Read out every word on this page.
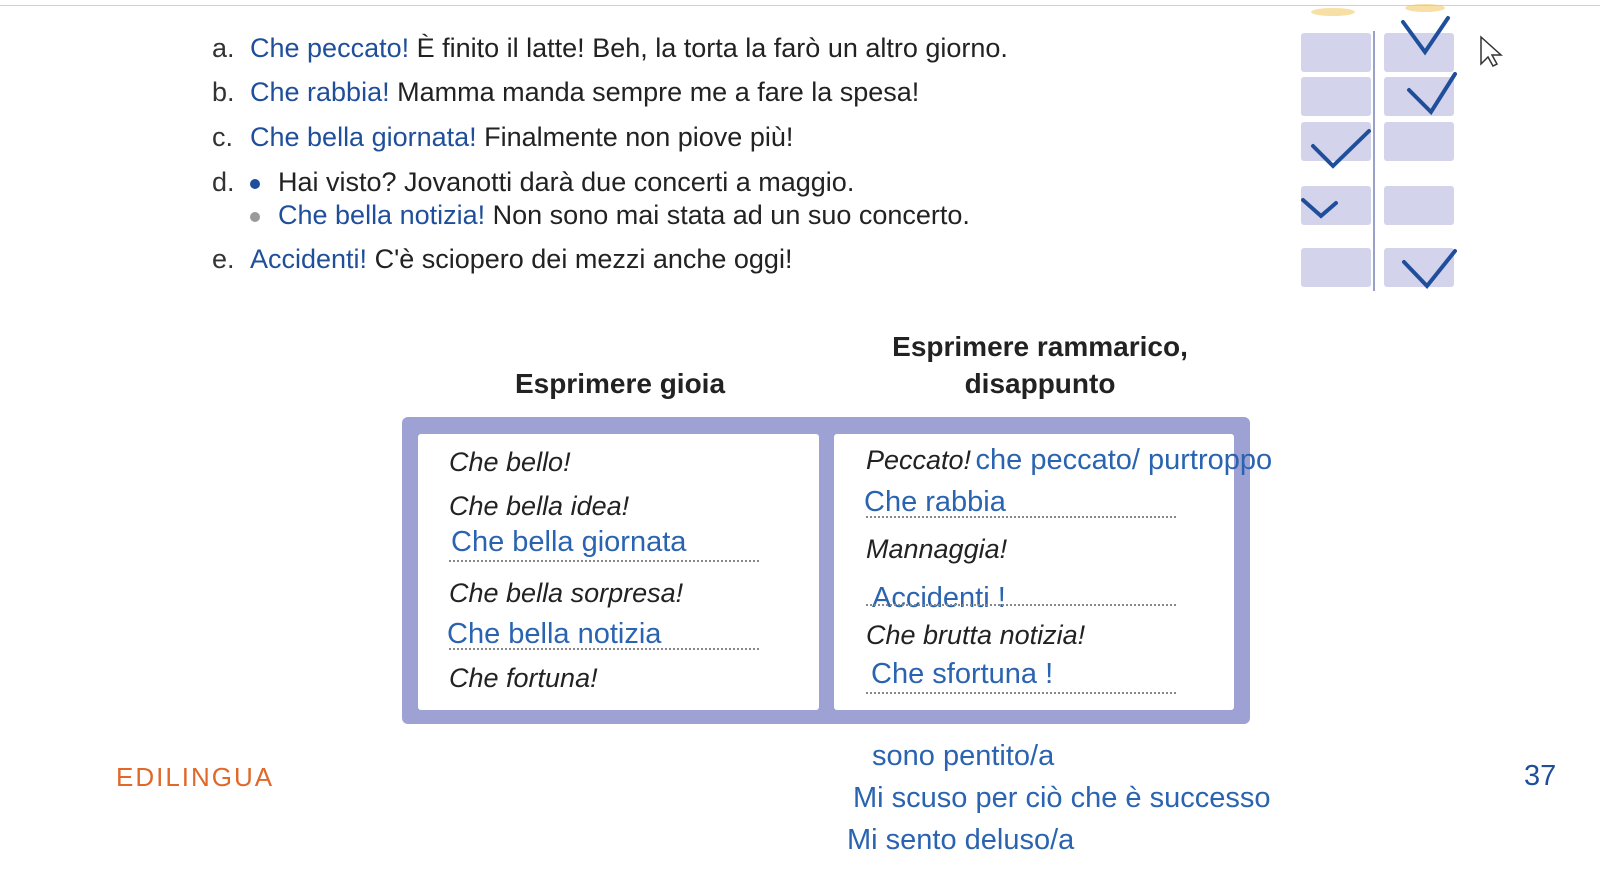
a. Che peccato! È finito il latte! Beh, la torta la farò un altro giorno.
b. Che rabbia! Mamma manda sempre me a fare la spesa!
c. Che bella giornata! Finalmente non piove più!
d. Hai visto? Jovanotti darà due concerti a maggio.
Che bella notizia! Non sono mai stata ad un suo concerto.
e. Accidenti! C'è sciopero dei mezzi anche oggi!
Esprimere gioia
Esprimere rammarico,
disappunto
Che bello!
Che bella idea!
Che bella giornata
Che bella sorpresa!
Che bella notizia
Che fortuna!
Peccato! che peccato/ purtroppo
Che rabbia
Mannaggia!
Accidenti !
Che brutta notizia!
Che sfortuna !
sono pentito/a
Mi scuso per ciò che è successo
Mi sento deluso/a
EDILINGUA	37
